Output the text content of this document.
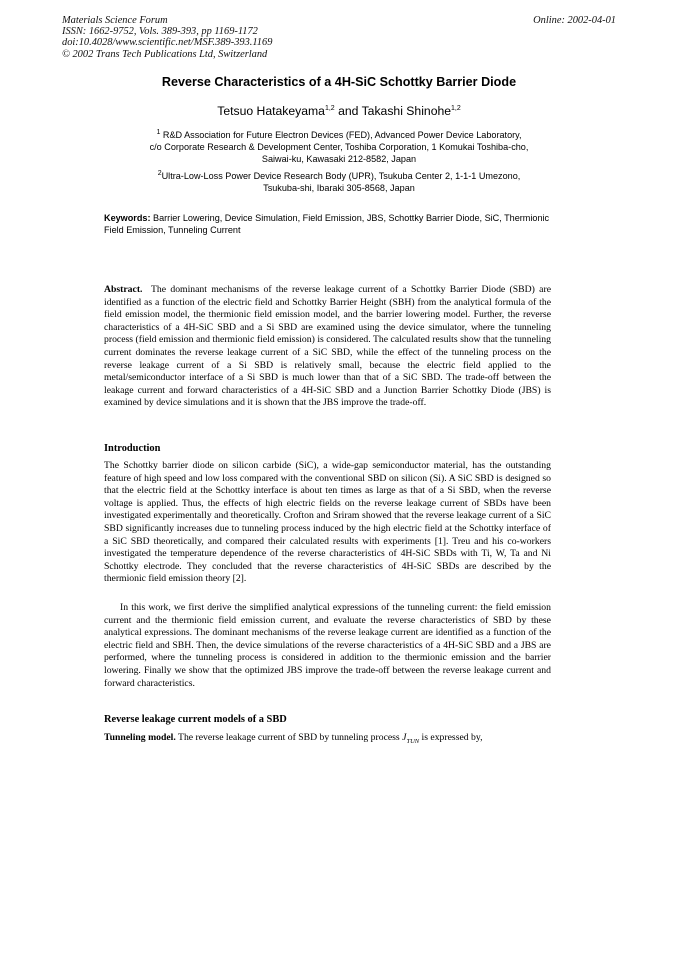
Materials Science Forum
ISSN: 1662-9752, Vols. 389-393, pp 1169-1172
doi:10.4028/www.scientific.net/MSF.389-393.1169
© 2002 Trans Tech Publications Ltd, Switzerland
Online: 2002-04-01
Reverse Characteristics of a 4H-SiC Schottky Barrier Diode
Tetsuo Hatakeyama$^{1,2}$ and Takashi Shinohe$^{1,2}$
$^1$ R&D Association for Future Electron Devices (FED), Advanced Power Device Laboratory,
c/o Corporate Research & Development Center, Toshiba Corporation, 1 Komukai Toshiba-cho,
Saiwai-ku, Kawasaki 212-8582, Japan
$^2$Ultra-Low-Loss Power Device Research Body (UPR), Tsukuba Center 2, 1-1-1 Umezono,
Tsukuba-shi, Ibaraki 305-8568, Japan
Keywords: Barrier Lowering, Device Simulation, Field Emission, JBS, Schottky Barrier Diode, SiC, Thermionic Field Emission, Tunneling Current
Abstract. The dominant mechanisms of the reverse leakage current of a Schottky Barrier Diode (SBD) are identified as a function of the electric field and Schottky Barrier Height (SBH) from the analytical formula of the field emission model, the thermionic field emission model, and the barrier lowering model. Further, the reverse characteristics of a 4H-SiC SBD and a Si SBD are examined using the device simulator, where the tunneling process (field emission and thermionic field emission) is considered. The calculated results show that the tunneling current dominates the reverse leakage current of a SiC SBD, while the effect of the tunneling process on the reverse leakage current of a Si SBD is relatively small, because the electric field applied to the metal/semiconductor interface of a Si SBD is much lower than that of a SiC SBD. The trade-off between the leakage current and forward characteristics of a 4H-SiC SBD and a Junction Barrier Schottky Diode (JBS) is examined by device simulations and it is shown that the JBS improve the trade-off.
Introduction
The Schottky barrier diode on silicon carbide (SiC), a wide-gap semiconductor material, has the outstanding feature of high speed and low loss compared with the conventional SBD on silicon (Si). A SiC SBD is designed so that the electric field at the Schottky interface is about ten times as large as that of a Si SBD, when the reverse voltage is applied. Thus, the effects of high electric fields on the reverse leakage current of SBDs have been investigated experimentally and theoretically. Crofton and Sriram showed that the reverse leakage current of a SiC SBD significantly increases due to tunneling process induced by the high electric field at the Schottky interface of a SiC SBD theoretically, and compared their calculated results with experiments [1]. Treu and his co-workers investigated the temperature dependence of the reverse characteristics of 4H-SiC SBDs with Ti, W, Ta and Ni Schottky electrode. They concluded that the reverse characteristics of 4H-SiC SBDs are described by the thermionic field emission theory [2].
In this work, we first derive the simplified analytical expressions of the tunneling current: the field emission current and the thermionic field emission current, and evaluate the reverse characteristics of SBD by these analytical expressions. The dominant mechanisms of the reverse leakage current are identified as a function of the electric field and SBH. Then, the device simulations of the reverse characteristics of a 4H-SiC SBD and a JBS are performed, where the tunneling process is considered in addition to the thermionic emission and the barrier lowering. Finally we show that the optimized JBS improve the trade-off between the reverse leakage current and forward characteristics.
Reverse leakage current models of a SBD
Tunneling model. The reverse leakage current of SBD by tunneling process $J_{TUN}$ is expressed by,
